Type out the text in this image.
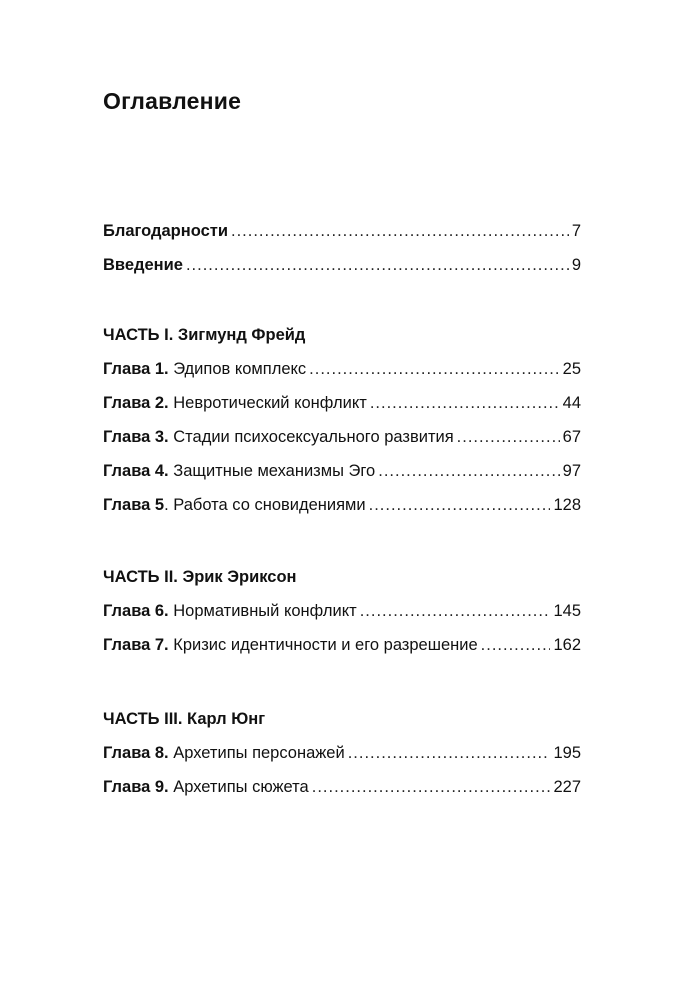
Оглавление
Благодарности .....	7
Введение .....	9
ЧАСТЬ I. Зигмунд Фрейд
Глава 1. Эдипов комплекс .....	25
Глава 2. Невротический конфликт .....	44
Глава 3. Стадии психосексуального развития .....	67
Глава 4. Защитные механизмы Эго .....	97
Глава 5. Работа со сновидениями .....	128
ЧАСТЬ II. Эрик Эриксон
Глава 6. Нормативный конфликт .....	145
Глава 7. Кризис идентичности и его разрешение .....	162
ЧАСТЬ III. Карл Юнг
Глава 8. Архетипы персонажей .....	195
Глава 9. Архетипы сюжета .....	227
